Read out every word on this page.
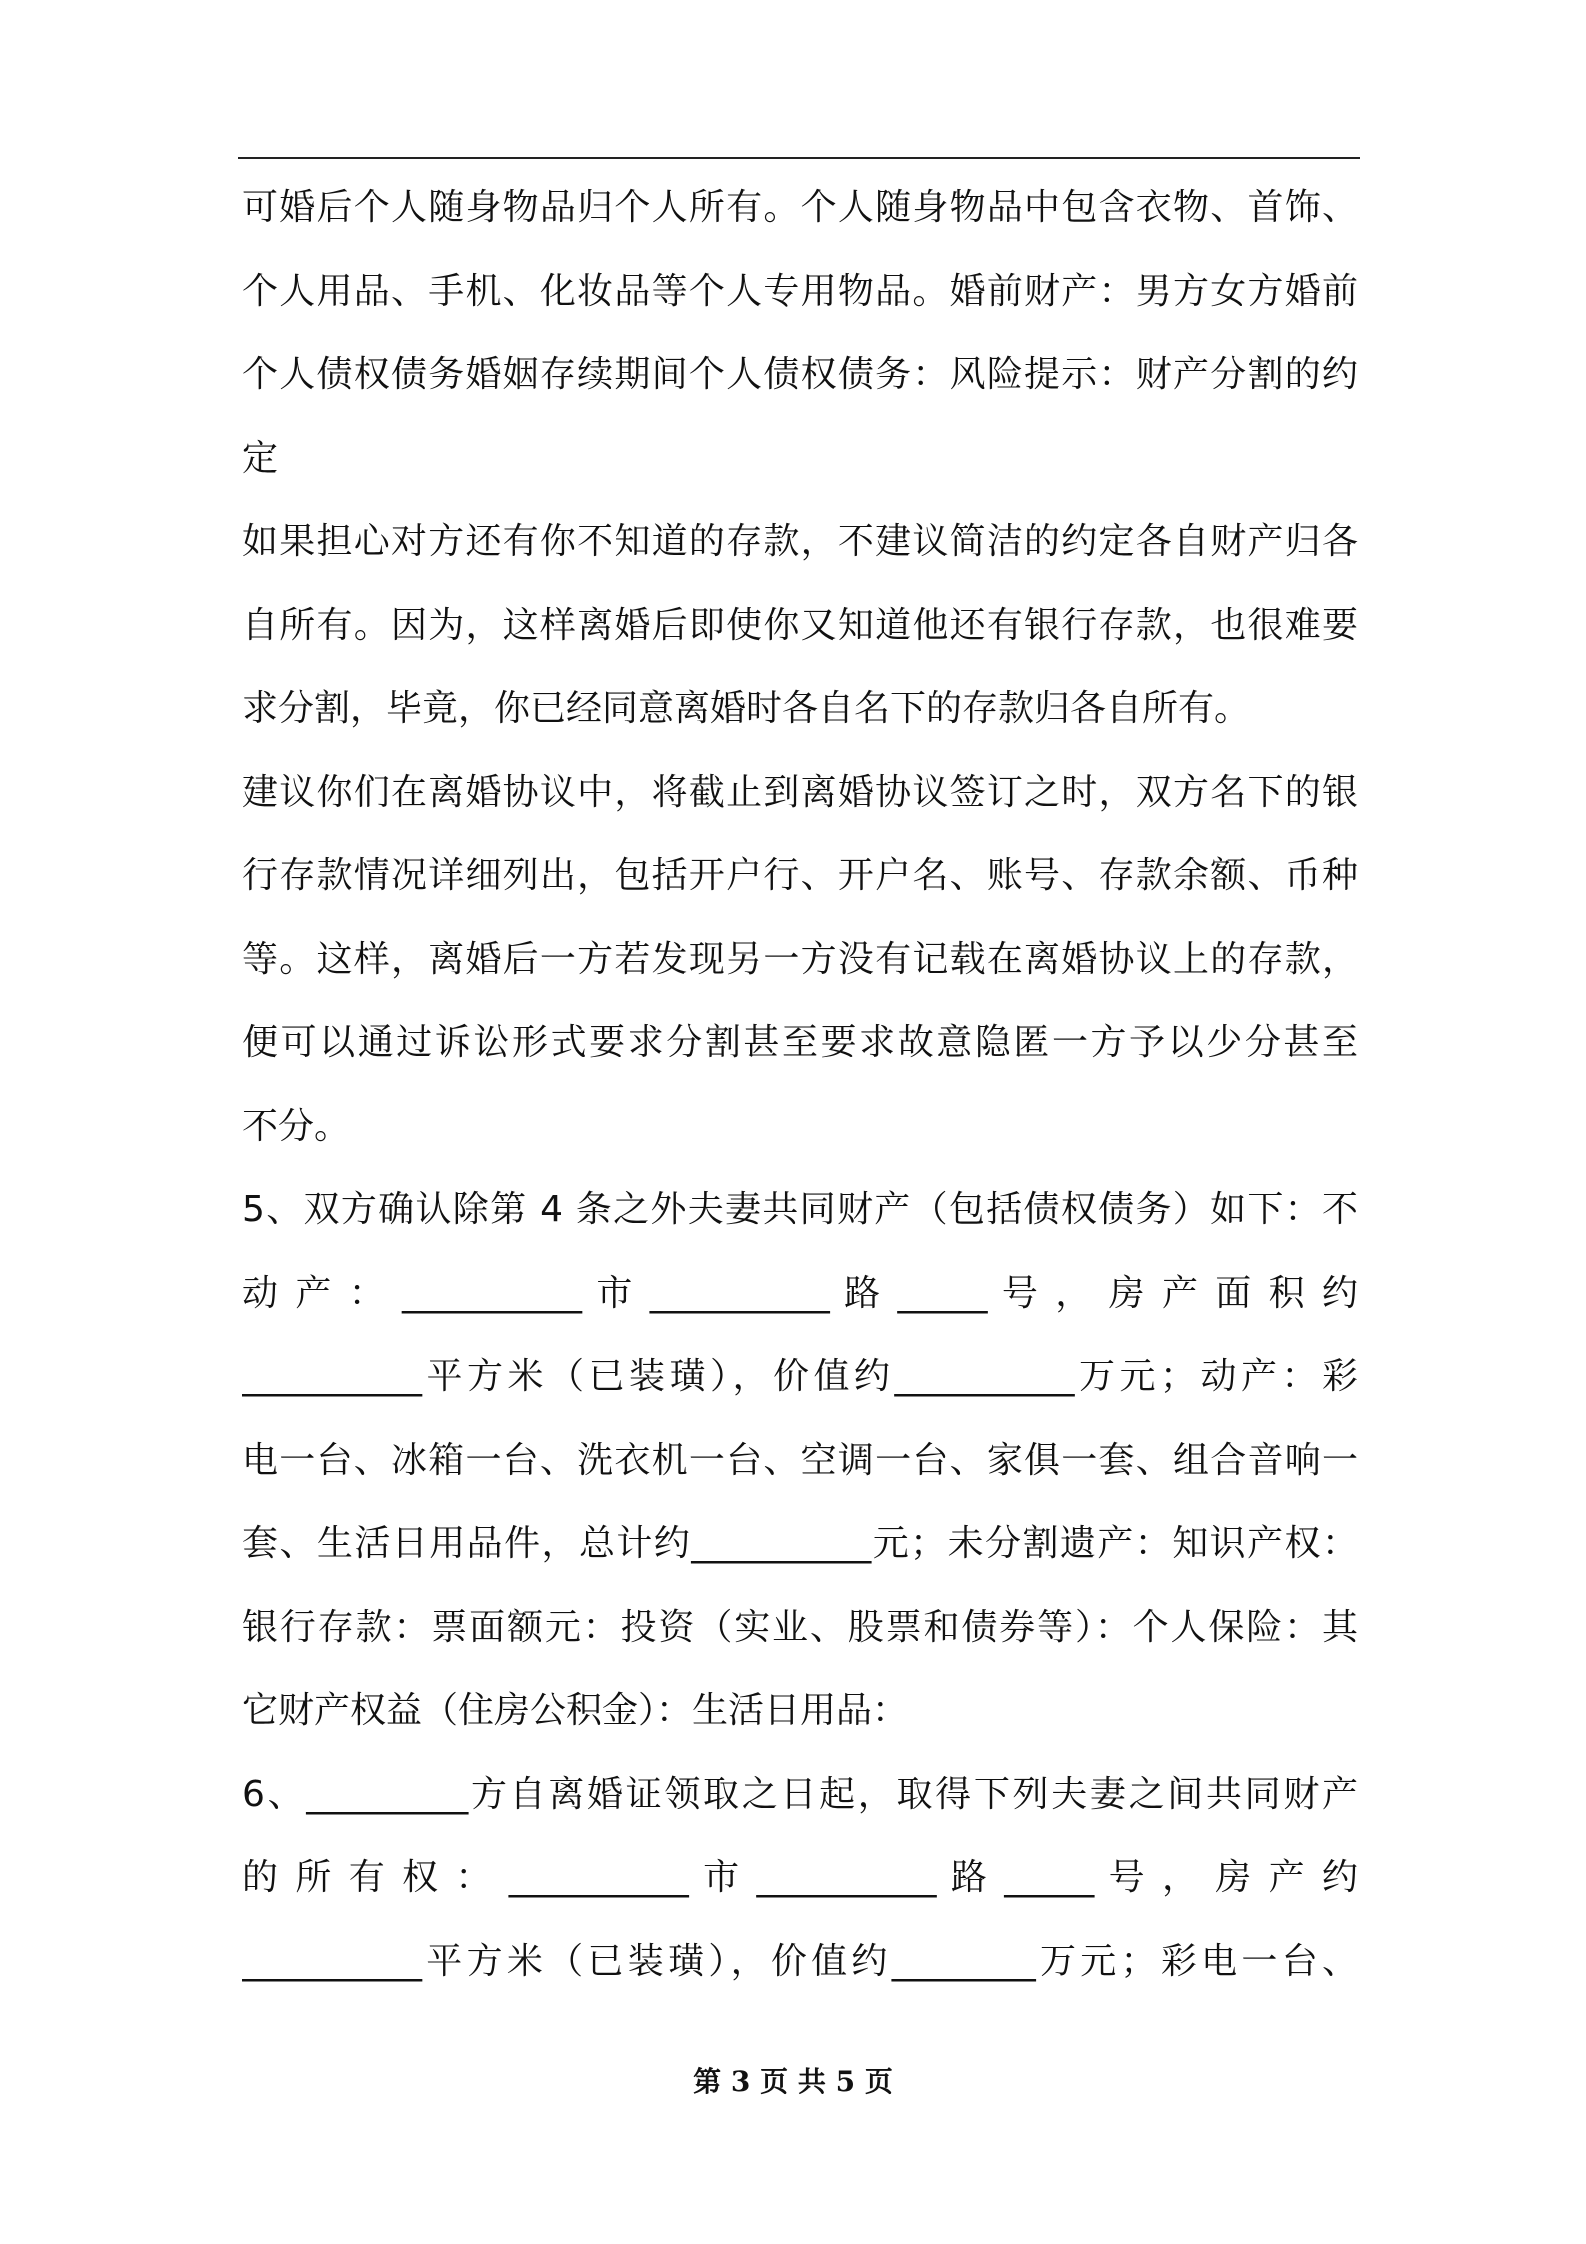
可婚后个人随身物品归个人所有。个人随身物品中包含衣物、首饰、
个人用品、手机、化妆品等个人专用物品。婚前财产：男方女方婚前
个人债权债务婚姻存续期间个人债权债务：风险提示：财产分割的约
定
如果担心对方还有你不知道的存款，不建议简洁的约定各自财产归各
自所有。因为，这样离婚后即使你又知道他还有银行存款，也很难要
求分割，毕竟，你已经同意离婚时各自名下的存款归各自所有。
建议你们在离婚协议中，将截止到离婚协议签订之时，双方名下的银
行存款情况详细列出，包括开户行、开户名、账号、存款余额、币种
等。这样，离婚后一方若发现另一方没有记载在离婚协议上的存款，
便可以通过诉讼形式要求分割甚至要求故意隐匿一方予以少分甚至
不分。
5、双方确认除第 4 条之外夫妻共同财产（包括债权债务）如下：不
动 产 ： __________ 市 __________ 路 _____ 号 ， 房 产 面 积 约
__________平方米（已装璜），价值约__________万元；动产：彩
电一台、冰箱一台、洗衣机一台、空调一台、家俱一套、组合音响一
套、生活日用品件，总计约__________元；未分割遗产：知识产权：
银行存款：票面额元：投资（实业、股票和债券等）：个人保险：其
它财产权益（住房公积金）：生活日用品：
6、_________方自离婚证领取之日起，取得下列夫妻之间共同财产
的 所 有 权 ： __________ 市 __________ 路 _____ 号 ， 房 产 约
__________平方米（已装璜），价值约________万元；彩电一台、
第 3 页 共 5 页
